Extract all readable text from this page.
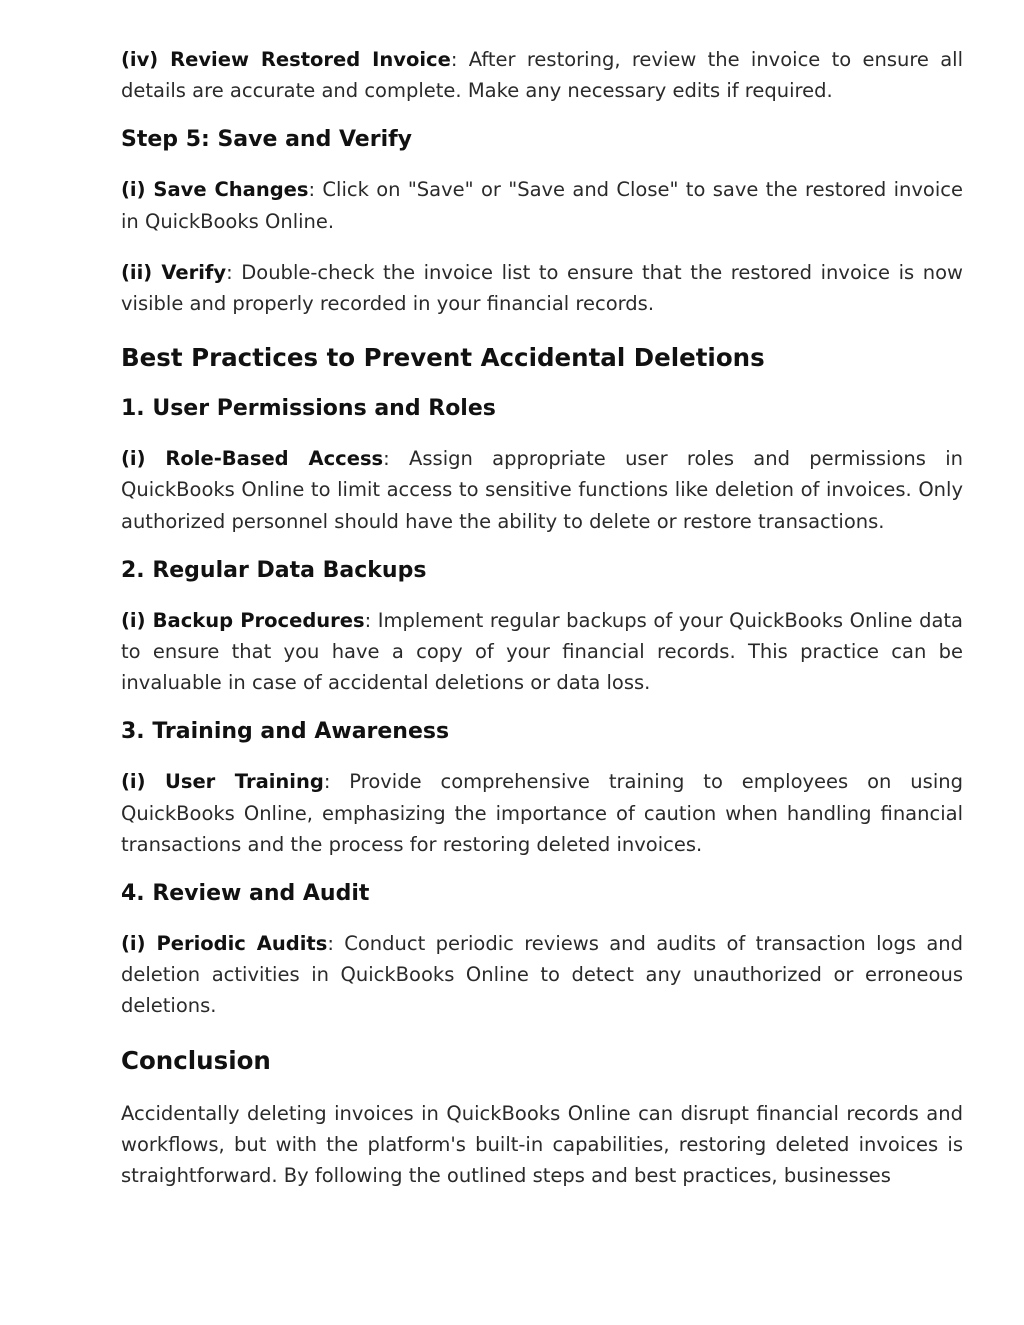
(iv) Review Restored Invoice: After restoring, review the invoice to ensure all details are accurate and complete. Make any necessary edits if required.

Step 5: Save and Verify

(i) Save Changes: Click on "Save" or "Save and Close" to save the restored invoice in QuickBooks Online.

(ii) Verify: Double-check the invoice list to ensure that the restored invoice is now visible and properly recorded in your financial records.

Best Practices to Prevent Accidental Deletions
1. User Permissions and Roles

(i) Role-Based Access: Assign appropriate user roles and permissions in QuickBooks Online to limit access to sensitive functions like deletion of invoices. Only authorized personnel should have the ability to delete or restore transactions.

2. Regular Data Backups

(i) Backup Procedures: Implement regular backups of your QuickBooks Online data to ensure that you have a copy of your financial records. This practice can be invaluable in case of accidental deletions or data loss.

3. Training and Awareness

(i) User Training: Provide comprehensive training to employees on using QuickBooks Online, emphasizing the importance of caution when handling financial transactions and the process for restoring deleted invoices.

4. Review and Audit

(i) Periodic Audits: Conduct periodic reviews and audits of transaction logs and deletion activities in QuickBooks Online to detect any unauthorized or erroneous deletions.

Conclusion

Accidentally deleting invoices in QuickBooks Online can disrupt financial records and workflows, but with the platform's built-in capabilities, restoring deleted invoices is straightforward. By following the outlined steps and best practices, businesses
